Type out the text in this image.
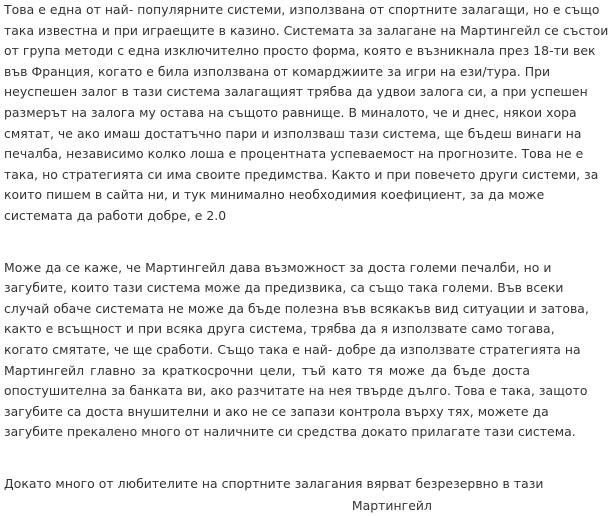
Това е една от най- популярните системи, използвана от спортните залагащи, но е също
така известна и при играещите в казино. Системата за залагане на Мартингейл се състои
от група методи с една изключително просто форма, която е възникнала през 18-ти век
във Франция, когато е била използвана от комарджиите за игри на ези/тура. При
неуспешен залог в тази система залагащият трябва да удвои залога си, а при успешен
размерът на залога му остава на същото равнище. В миналото, че и днес, някои хора
смятат, че ако имаш достатъчно пари и използваш тази система, ще бъдеш винаги на
печалба, независимо колко лоша е процентната успеваемост на прогнозите. Това не е
така, но стратегията си има своите предимства. Както и при повечето други системи, за
които пишем в сайта ни, и тук минимално необходимия коефициент, за да може
системата да работи добре, е 2.0
Може да се каже, че Мартингейл дава възможност за доста големи печалби, но и
загубите, които тази система може да предизвика, са също така големи. Във всеки
случай обаче системата не може да бъде полезна във всякакъв вид ситуации и затова,
както е всъщност и при всяка друга система, трябва да я използвате само тогава,
когато смятате, че ще сработи. Също така е най- добре да използвате стратегията на
Мартингейл главно за краткосрочни цели, тъй като тя може да бъде доста
опостушителна за банката ви, ако разчитате на нея твърде дълго. Това е така, защото
загубите са доста внушителни и ако не се запази контрола върху тях, можете да
загубите прекалено много от наличните си средства докато прилагате тази система.
Докато много от любителите на спортните залагания вярват безрезервно в тази
Мартингейл
